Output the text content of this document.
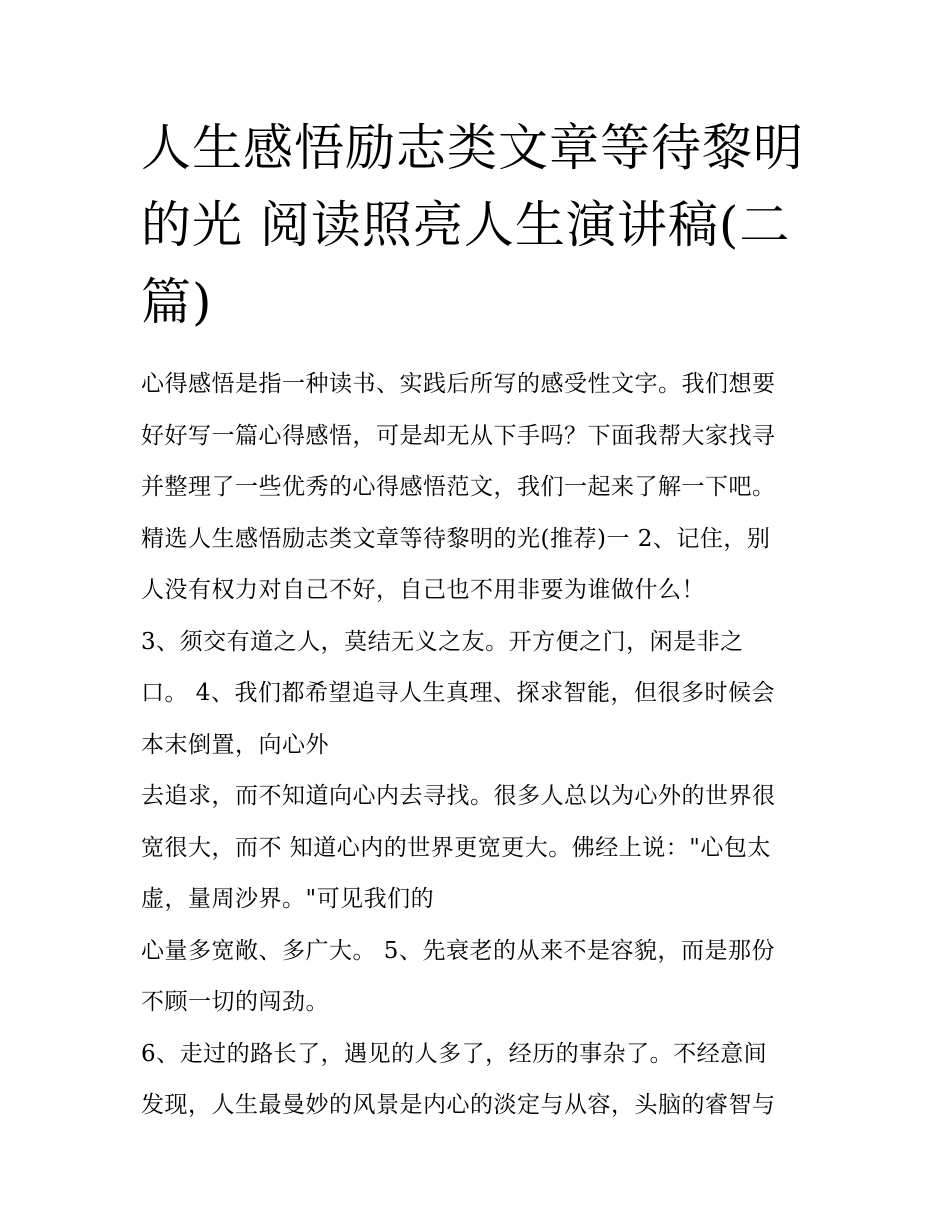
人生感悟励志类文章等待黎明
的光 阅读照亮人生演讲稿(二
篇)
心得感悟是指一种读书、实践后所写的感受性文字。我们想要
好好写一篇心得感悟，可是却无从下手吗？下面我帮大家找寻
并整理了一些优秀的心得感悟范文，我们一起来了解一下吧。
精选人生感悟励志类文章等待黎明的光(推荐)一 2、记住，别
人没有权力对自己不好，自己也不用非要为谁做什么！
3、须交有道之人，莫结无义之友。开方便之门，闲是非之
口。 4、我们都希望追寻人生真理、探求智能，但很多时候会
本末倒置，向心外
去追求，而不知道向心内去寻找。很多人总以为心外的世界很
宽很大，而不 知道心内的世界更宽更大。佛经上说："心包太
虚，量周沙界。"可见我们的
心量多宽敞、多广大。 5、先衰老的从来不是容貌，而是那份
不顾一切的闯劲。
6、走过的路长了，遇见的人多了，经历的事杂了。不经意间
发现，人生最曼妙的风景是内心的淡定与从容，头脑的睿智与
